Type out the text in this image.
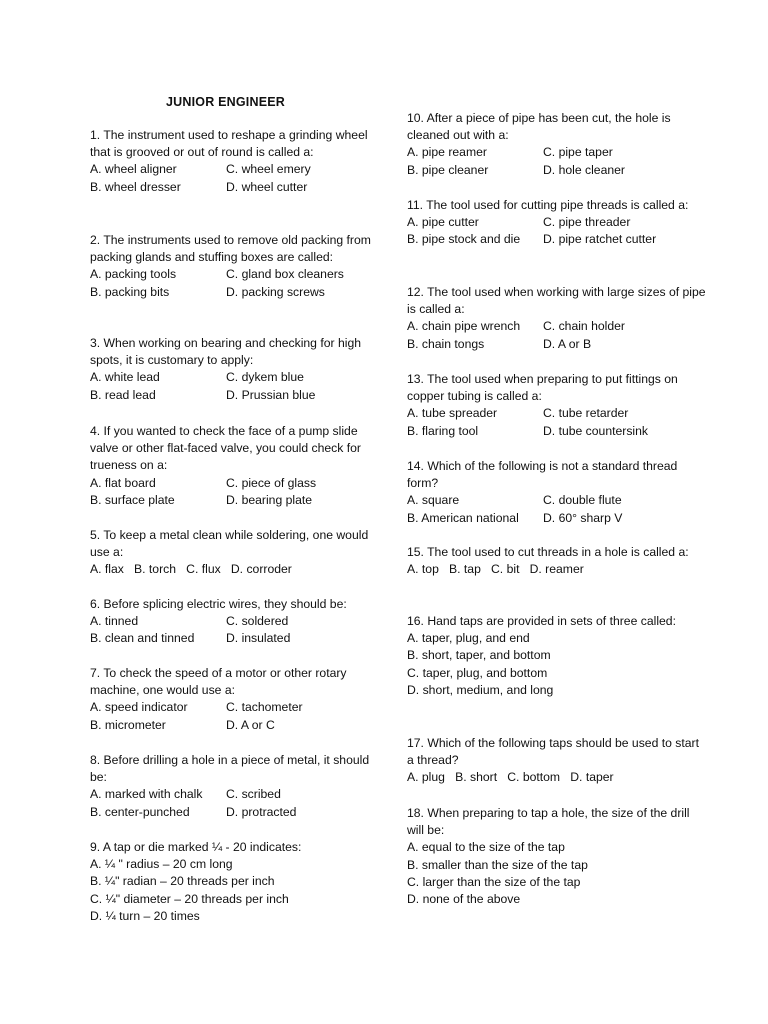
JUNIOR ENGINEER
1. The instrument used to reshape a grinding wheel that is grooved or out of round is called a:
A. wheel aligner	C. wheel emery
B. wheel dresser	D. wheel cutter
2. The instruments used to remove old packing from packing glands and stuffing boxes are called:
A. packing tools	C. gland box cleaners
B. packing bits	D. packing screws
3. When working on bearing and checking for high spots, it is customary to apply:
A. white lead	C. dykem blue
B. read lead	D. Prussian blue
4. If you wanted to check the face of a pump slide valve or other flat-faced valve, you could check for trueness on a:
A. flat board	C. piece of glass
B. surface plate	D. bearing plate
5. To keep a metal clean while soldering, one would use a:
A. flax   B. torch   C. flux   D. corroder
6. Before splicing electric wires, they should be:
A. tinned	C. soldered
B. clean and tinned	D. insulated
7. To check the speed of a motor or other rotary machine, one would use a:
A. speed indicator	C. tachometer
B. micrometer	D. A or C
8. Before drilling a hole in a piece of metal, it should be:
A. marked with chalk	C. scribed
B. center-punched	D. protracted
9. A tap or die marked ¼ - 20 indicates:
A. ¼ " radius – 20 cm long
B. ¼" radian – 20 threads per inch
C. ¼" diameter – 20 threads per inch
D. ¼ turn – 20 times
10. After a piece of pipe has been cut, the hole is cleaned out with a:
A. pipe reamer	C. pipe taper
B. pipe cleaner	D. hole cleaner
11. The tool used for cutting pipe threads is called a:
A. pipe cutter	C. pipe threader
B. pipe stock and die	D. pipe ratchet cutter
12. The tool used when working with large sizes of pipe is called a:
A. chain pipe wrench	C. chain holder
B. chain tongs	D. A or B
13. The tool used when preparing to put fittings on copper tubing is called a:
A. tube spreader	C. tube retarder
B. flaring tool	D. tube countersink
14. Which of the following is not a standard thread form?
A. square	C. double flute
B. American national	D. 60° sharp V
15. The tool used to cut threads in a hole is called a:
A. top   B. tap   C. bit   D. reamer
16. Hand taps are provided in sets of three called:
A. taper, plug, and end
B. short, taper, and bottom
C. taper, plug, and bottom
D. short, medium, and long
17. Which of the following taps should be used to start a thread?
A. plug   B. short   C. bottom   D. taper
18. When preparing to tap a hole, the size of the drill will be:
A. equal to the size of the tap
B. smaller than the size of the tap
C. larger than the size of the tap
D. none of the above
